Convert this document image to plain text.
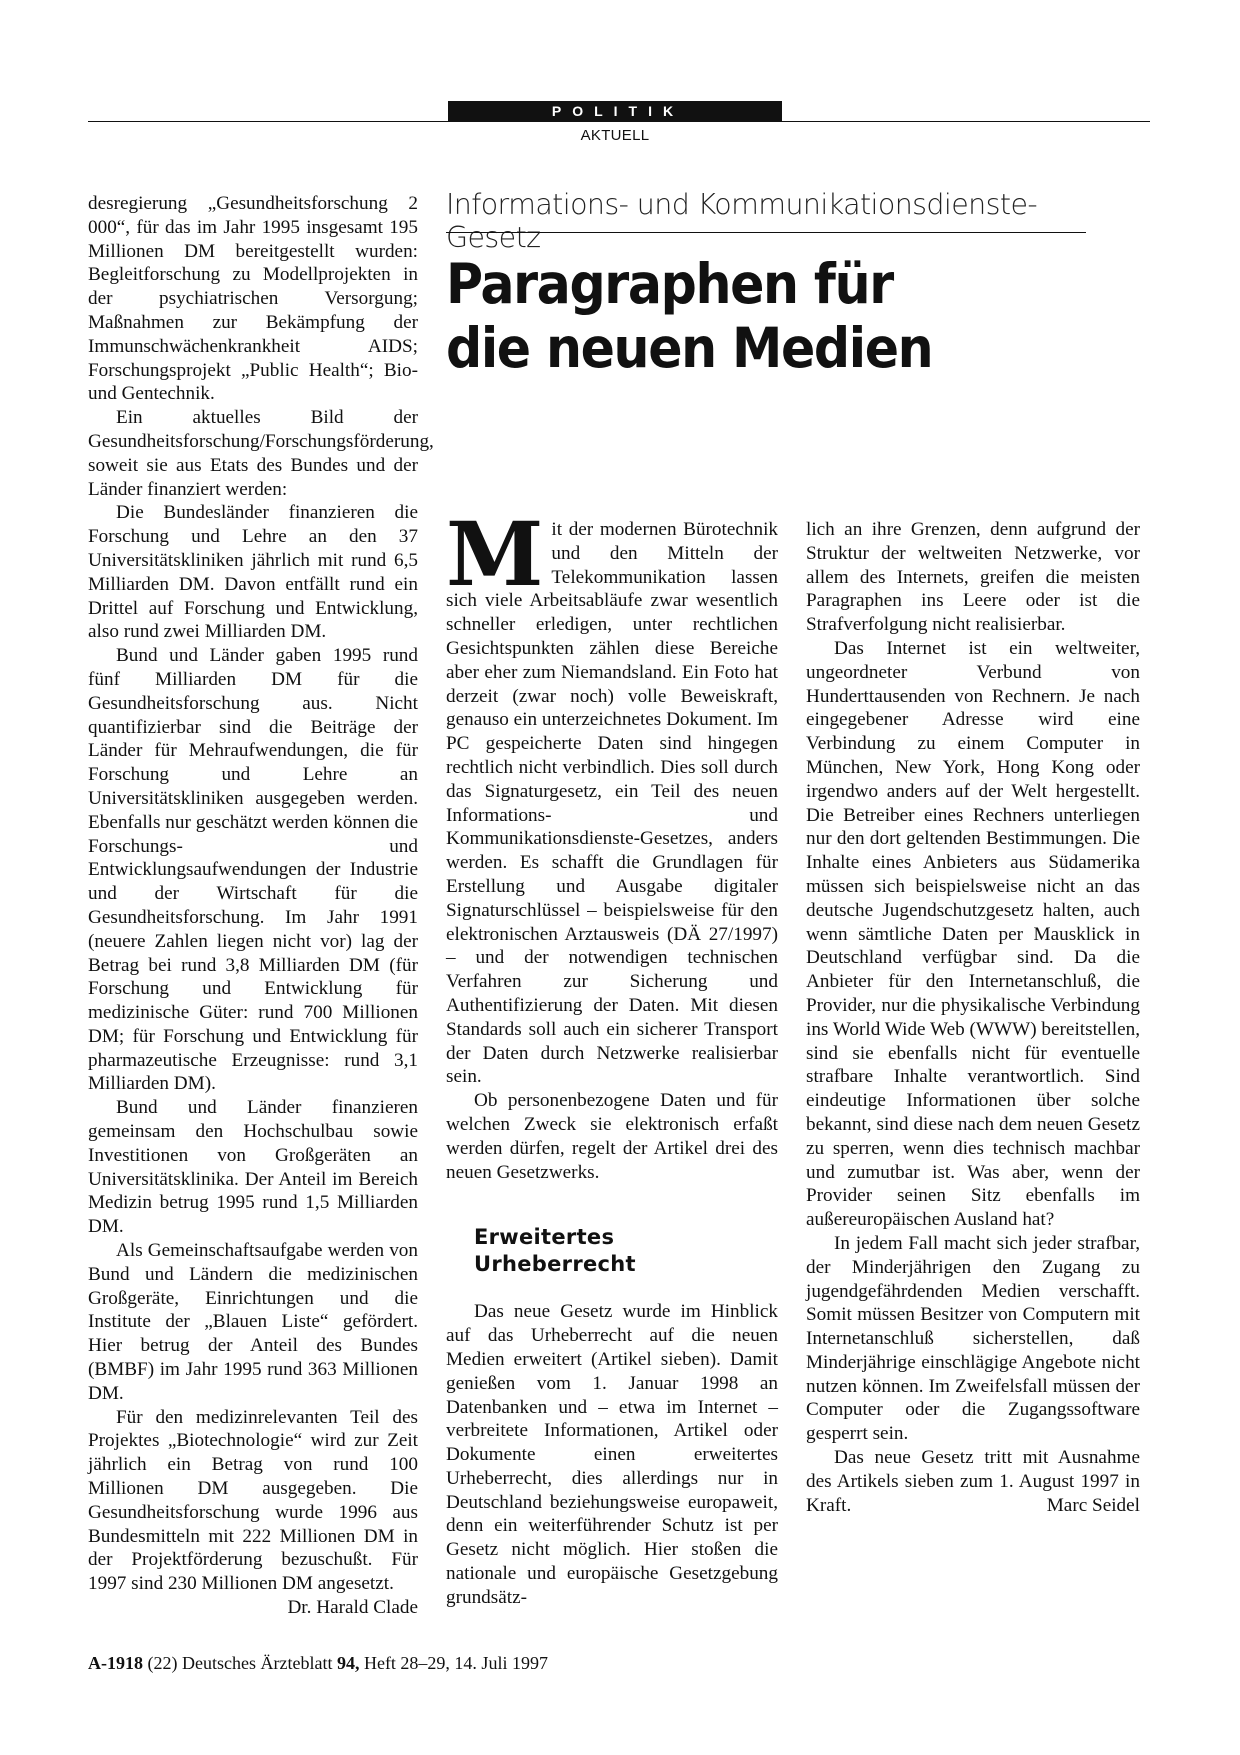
POLITIK
AKTUELL

desregierung „Gesundheitsforschung 2 000“, für das im Jahr 1995 insgesamt 195 Millionen DM bereitgestellt wurden: Begleitforschung zu Modellprojekten in der psychiatrischen Versorgung; Maßnahmen zur Bekämpfung der Immunschwächenkrankheit AIDS; Forschungsprojekt „Public Health“; Bio- und Gentechnik.

Ein aktuelles Bild der Gesundheitsforschung/Forschungsförderung, soweit sie aus Etats des Bundes und der Länder finanziert werden:

Die Bundesländer finanzieren die Forschung und Lehre an den 37 Universitätskliniken jährlich mit rund 6,5 Milliarden DM. Davon entfällt rund ein Drittel auf Forschung und Entwicklung, also rund zwei Milliarden DM.

Bund und Länder gaben 1995 rund fünf Milliarden DM für die Gesundheitsforschung aus. Nicht quantifizierbar sind die Beiträge der Länder für Mehraufwendungen, die für Forschung und Lehre an Universitätskliniken ausgegeben werden. Ebenfalls nur geschätzt werden können die Forschungs- und Entwicklungsaufwendungen der Industrie und der Wirtschaft für die Gesundheitsforschung. Im Jahr 1991 (neuere Zahlen liegen nicht vor) lag der Betrag bei rund 3,8 Milliarden DM (für Forschung und Entwicklung für medizinische Güter: rund 700 Millionen DM; für Forschung und Entwicklung für pharmazeutische Erzeugnisse: rund 3,1 Milliarden DM).

Bund und Länder finanzieren gemeinsam den Hochschulbau sowie Investitionen von Großgeräten an Universitätsklinika. Der Anteil im Bereich Medizin betrug 1995 rund 1,5 Milliarden DM.

Als Gemeinschaftsaufgabe werden von Bund und Ländern die medizinischen Großgeräte, Einrichtungen und die Institute der „Blauen Liste“ gefördert. Hier betrug der Anteil des Bundes (BMBF) im Jahr 1995 rund 363 Millionen DM.

Für den medizinrelevanten Teil des Projektes „Biotechnologie“ wird zur Zeit jährlich ein Betrag von rund 100 Millionen DM ausgegeben. Die Gesundheitsforschung wurde 1996 aus Bundesmitteln mit 222 Millionen DM in der Projektförderung bezuschußt. Für 1997 sind 230 Millionen DM angesetzt.
Dr. Harald Clade

Informations- und Kommunikationsdienste-Gesetz
Paragraphen für
die neuen Medien

Mit der modernen Bürotechnik und den Mitteln der Telekommunikation lassen sich viele Arbeitsabläufe zwar wesentlich schneller erledigen, unter rechtlichen Gesichtspunkten zählen diese Bereiche aber eher zum Niemandsland. Ein Foto hat derzeit (zwar noch) volle Beweiskraft, genauso ein unterzeichnetes Dokument. Im PC gespeicherte Daten sind hingegen rechtlich nicht verbindlich. Dies soll durch das Signaturgesetz, ein Teil des neuen Informations- und Kommunikationsdienste-Gesetzes, anders werden. Es schafft die Grundlagen für Erstellung und Ausgabe digitaler Signaturschlüssel – beispielsweise für den elektronischen Arztausweis (DÄ 27/1997) – und der notwendigen technischen Verfahren zur Sicherung und Authentifizierung der Daten. Mit diesen Standards soll auch ein sicherer Transport der Daten durch Netzwerke realisierbar sein.

Ob personenbezogene Daten und für welchen Zweck sie elektronisch erfaßt werden dürfen, regelt der Artikel drei des neuen Gesetzwerks.

Erweitertes
Urheberrecht

Das neue Gesetz wurde im Hinblick auf das Urheberrecht auf die neuen Medien erweitert (Artikel sieben). Damit genießen vom 1. Januar 1998 an Datenbanken und – etwa im Internet – verbreitete Informationen, Artikel oder Dokumente einen erweitertes Urheberrecht, dies allerdings nur in Deutschland beziehungsweise europaweit, denn ein weiterführender Schutz ist per Gesetz nicht möglich. Hier stoßen die nationale und europäische Gesetzgebung grundsätz-

lich an ihre Grenzen, denn aufgrund der Struktur der weltweiten Netzwerke, vor allem des Internets, greifen die meisten Paragraphen ins Leere oder ist die Strafverfolgung nicht realisierbar.

Das Internet ist ein weltweiter, ungeordneter Verbund von Hunderttausenden von Rechnern. Je nach eingegebener Adresse wird eine Verbindung zu einem Computer in München, New York, Hong Kong oder irgendwo anders auf der Welt hergestellt. Die Betreiber eines Rechners unterliegen nur den dort geltenden Bestimmungen. Die Inhalte eines Anbieters aus Südamerika müssen sich beispielsweise nicht an das deutsche Jugendschutzgesetz halten, auch wenn sämtliche Daten per Mausklick in Deutschland verfügbar sind. Da die Anbieter für den Internetanschluß, die Provider, nur die physikalische Verbindung ins World Wide Web (WWW) bereitstellen, sind sie ebenfalls nicht für eventuelle strafbare Inhalte verantwortlich. Sind eindeutige Informationen über solche bekannt, sind diese nach dem neuen Gesetz zu sperren, wenn dies technisch machbar und zumutbar ist. Was aber, wenn der Provider seinen Sitz ebenfalls im außereuropäischen Ausland hat?

In jedem Fall macht sich jeder strafbar, der Minderjährigen den Zugang zu jugendgefährdenden Medien verschafft. Somit müssen Besitzer von Computern mit Internetanschluß sicherstellen, daß Minderjährige einschlägige Angebote nicht nutzen können. Im Zweifelsfall müssen der Computer oder die Zugangssoftware gesperrt sein.

Das neue Gesetz tritt mit Ausnahme des Artikels sieben zum 1. August 1997 in Kraft.	Marc Seidel

A-1918 (22) Deutsches Ärzteblatt 94, Heft 28–29, 14. Juli 1997
